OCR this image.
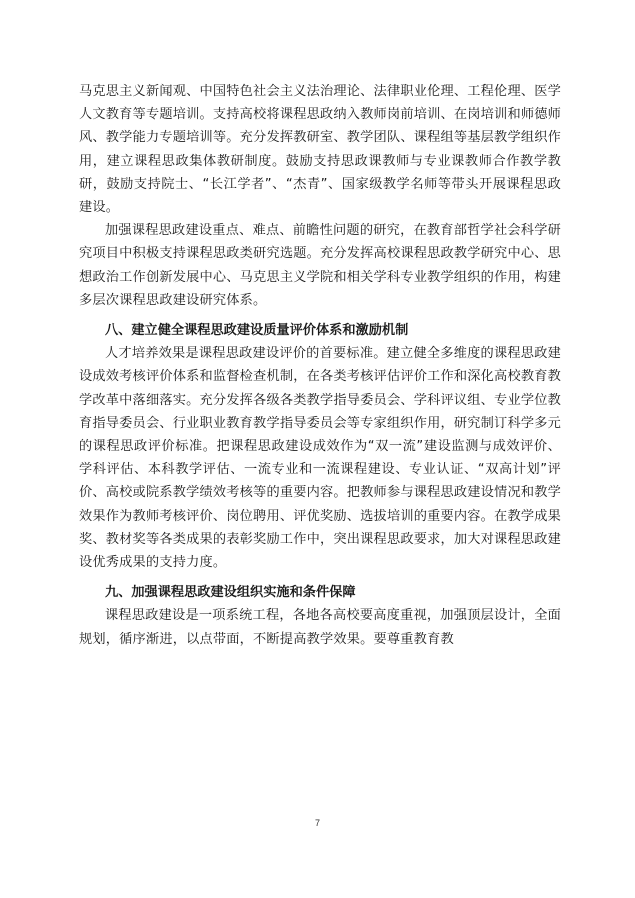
马克思主义新闻观、中国特色社会主义法治理论、法律职业伦理、工程伦理、医学人文教育等专题培训。支持高校将课程思政纳入教师岗前培训、在岗培训和师德师风、教学能力专题培训等。充分发挥教研室、教学团队、课程组等基层教学组织作用，建立课程思政集体教研制度。鼓励支持思政课教师与专业课教师合作教学教研，鼓励支持院士、“长江学者”、“杰青”、国家级教学名师等带头开展课程思政建设。

加强课程思政建设重点、难点、前瞻性问题的研究，在教育部哲学社会科学研究项目中积极支持课程思政类研究选题。充分发挥高校课程思政教学研究中心、思想政治工作创新发展中心、马克思主义学院和相关学科专业教学组织的作用，构建多层次课程思政建设研究体系。

八、建立健全课程思政建设质量评价体系和激励机制

人才培养效果是课程思政建设评价的首要标准。建立健全多维度的课程思政建设成效考核评价体系和监督检查机制，在各类考核评估评价工作和深化高校教育教学改革中落细落实。充分发挥各级各类教学指导委员会、学科评议组、专业学位教育指导委员会、行业职业教育教学指导委员会等专家组织作用，研究制订科学多元的课程思政评价标准。把课程思政建设成效作为“双一流”建设监测与成效评价、学科评估、本科教学评估、一流专业和一流课程建设、专业认证、“双高计划”评价、高校或院系教学绩效考核等的重要内容。把教师参与课程思政建设情况和教学效果作为教师考核评价、岗位聘用、评优奖励、选拔培训的重要内容。在教学成果奖、教材奖等各类成果的表彰奖励工作中，突出课程思政要求，加大对课程思政建设优秀成果的支持力度。

九、加强课程思政建设组织实施和条件保障

课程思政建设是一项系统工程，各地各高校要高度重视，加强顶层设计，全面规划，循序渐进，以点带面，不断提高教学效果。要尊重教育教

7
